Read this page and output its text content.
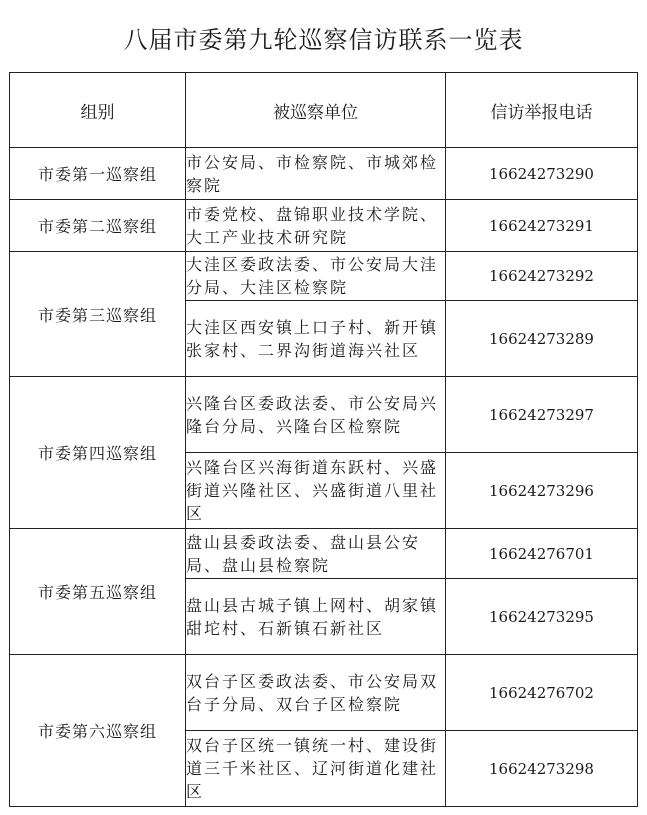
八届市委第九轮巡察信访联系一览表
组别	被巡察单位	信访举报电话
市委第一巡察组	市公安局、市检察院、市城郊检察院	16624273290
市委第二巡察组	市委党校、盘锦职业技术学院、大工产业技术研究院	16624273291
市委第三巡察组	大洼区委政法委、市公安局大洼分局、大洼区检察院	16624273292
	大洼区西安镇上口子村、新开镇张家村、二界沟街道海兴社区	16624273289
市委第四巡察组	兴隆台区委政法委、市公安局兴隆台分局、兴隆台区检察院	16624273297
	兴隆台区兴海街道东跃村、兴盛街道兴隆社区、兴盛街道八里社区	16624273296
市委第五巡察组	盘山县委政法委、盘山县公安局、盘山县检察院	16624276701
	盘山县古城子镇上网村、胡家镇甜坨村、石新镇石新社区	16624273295
市委第六巡察组	双台子区委政法委、市公安局双台子分局、双台子区检察院	16624276702
	双台子区统一镇统一村、建设街道三千米社区、辽河街道化建社区	16624273298
